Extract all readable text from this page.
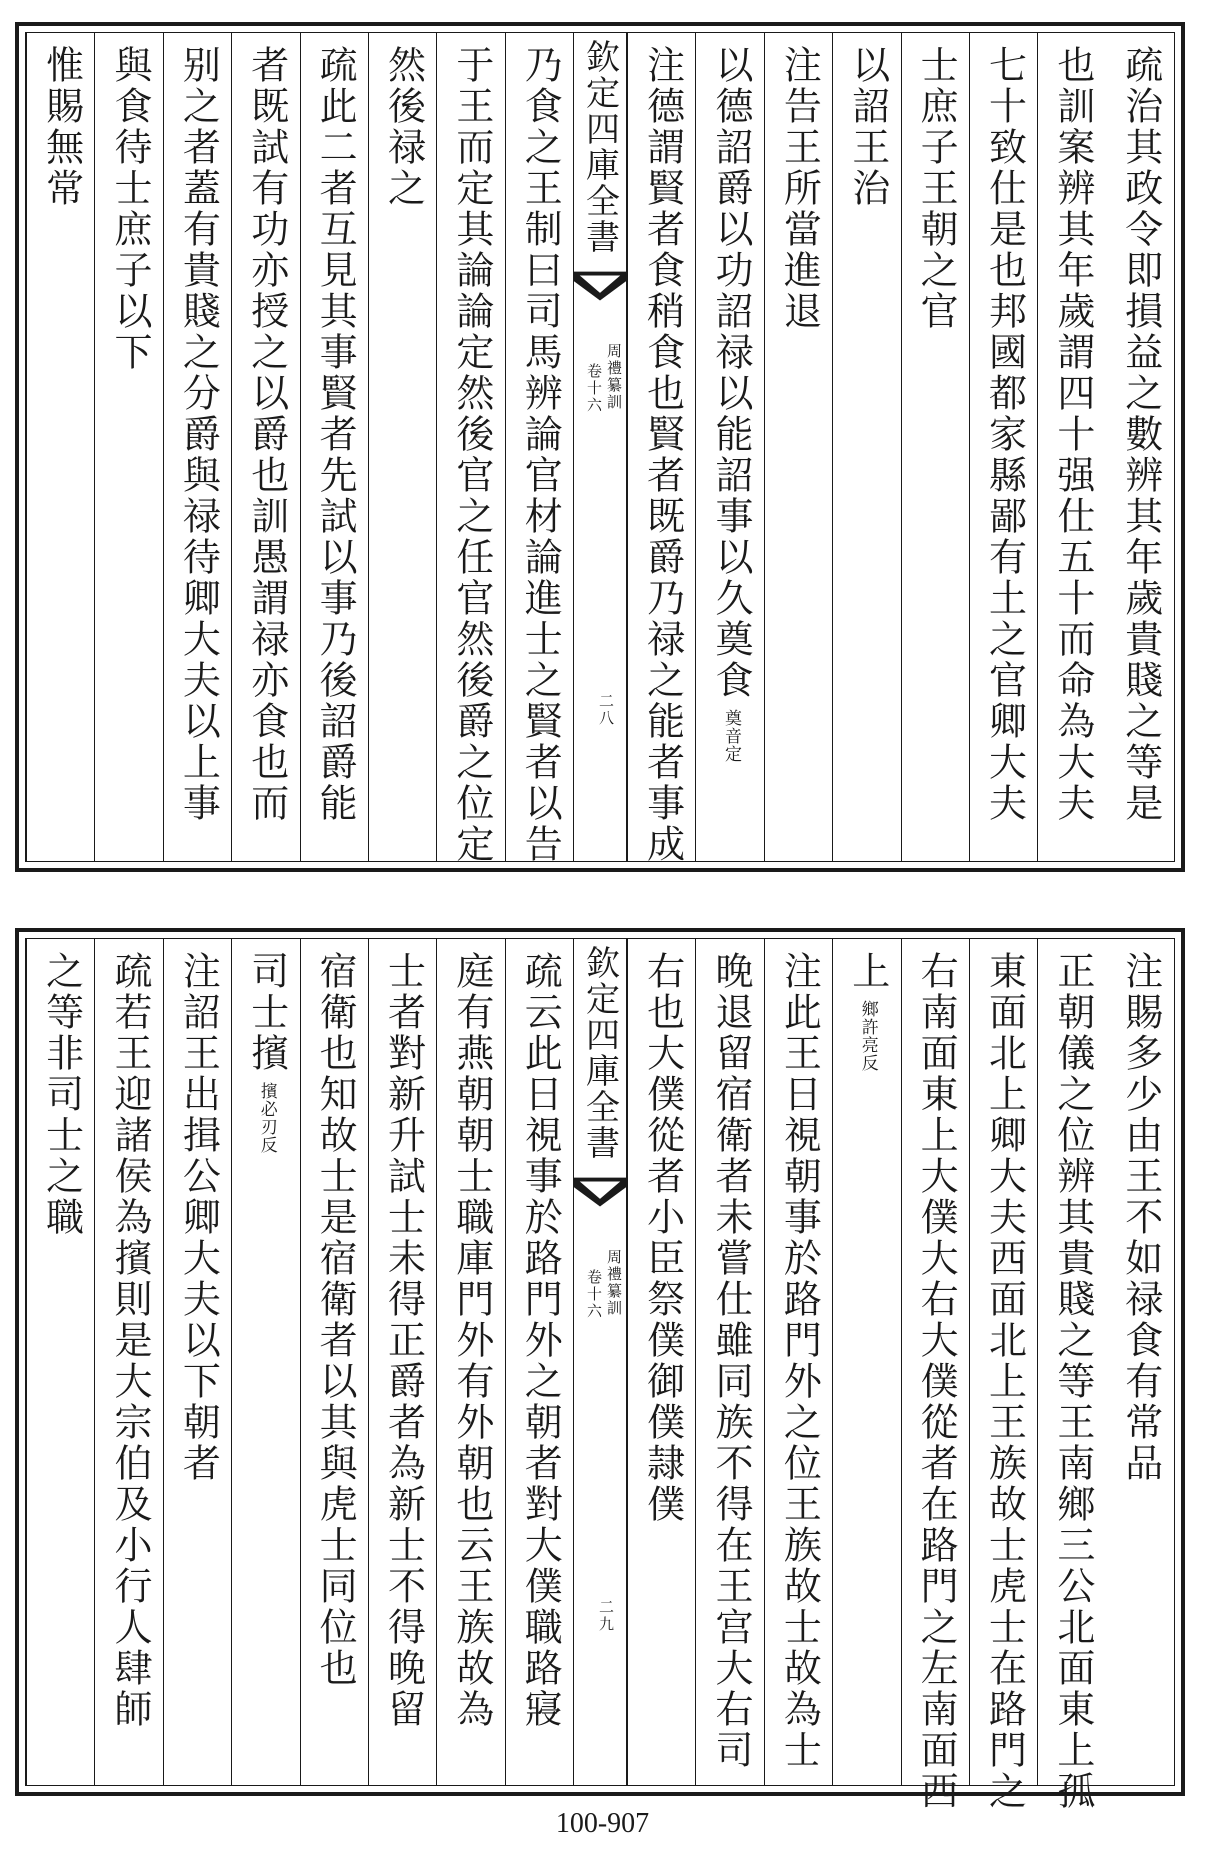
疏治其政令即損益之數辨其年歲貴賤之等是
也訓案辨其年歲謂四十强仕五十而命為大夫
七十致仕是也邦國都家縣鄙有土之官卿大夫
士庶子王朝之官
以詔王治
注告王所當進退
以德詔爵以功詔禄以能詔事以久奠食
奠音定
注德謂賢者食稍食也賢者既爵乃禄之能者事成
欽定四庫全書
周禮纂訓
卷十六
二八
乃食之王制曰司馬辨論官材論進士之賢者以告
于王而定其論論定然後官之任官然後爵之位定
然後禄之
疏此二者互見其事賢者先試以事乃後詔爵能
者既試有功亦授之以爵也訓愚謂禄亦食也而
别之者蓋有貴賤之分爵與禄待卿大夫以上事
與食待士庶子以下
惟賜無常
注賜多少由王不如禄食有常品
正朝儀之位辨其貴賤之等王南鄉三公北面東上孤
東面北上卿大夫西面北上王族故士虎士在路門之
右南面東上大僕大右大僕從者在路門之左南面西
上
鄉許亮反
注此王日視朝事於路門外之位王族故士故為士
晚退留宿衛者未嘗仕雖同族不得在王宫大右司
右也大僕從者小臣祭僕御僕隷僕
欽定四庫全書
周禮纂訓
卷十六
二九
疏云此日視事於路門外之朝者對大僕職路寢
庭有燕朝朝士職庫門外有外朝也云王族故為
士者對新升試士未得正爵者為新士不得晚留
宿衛也知故士是宿衛者以其與虎士同位也
司士擯
擯必刃反
注詔王出揖公卿大夫以下朝者
疏若王迎諸侯為擯則是大宗伯及小行人肆師
之等非司士之職
100-907
